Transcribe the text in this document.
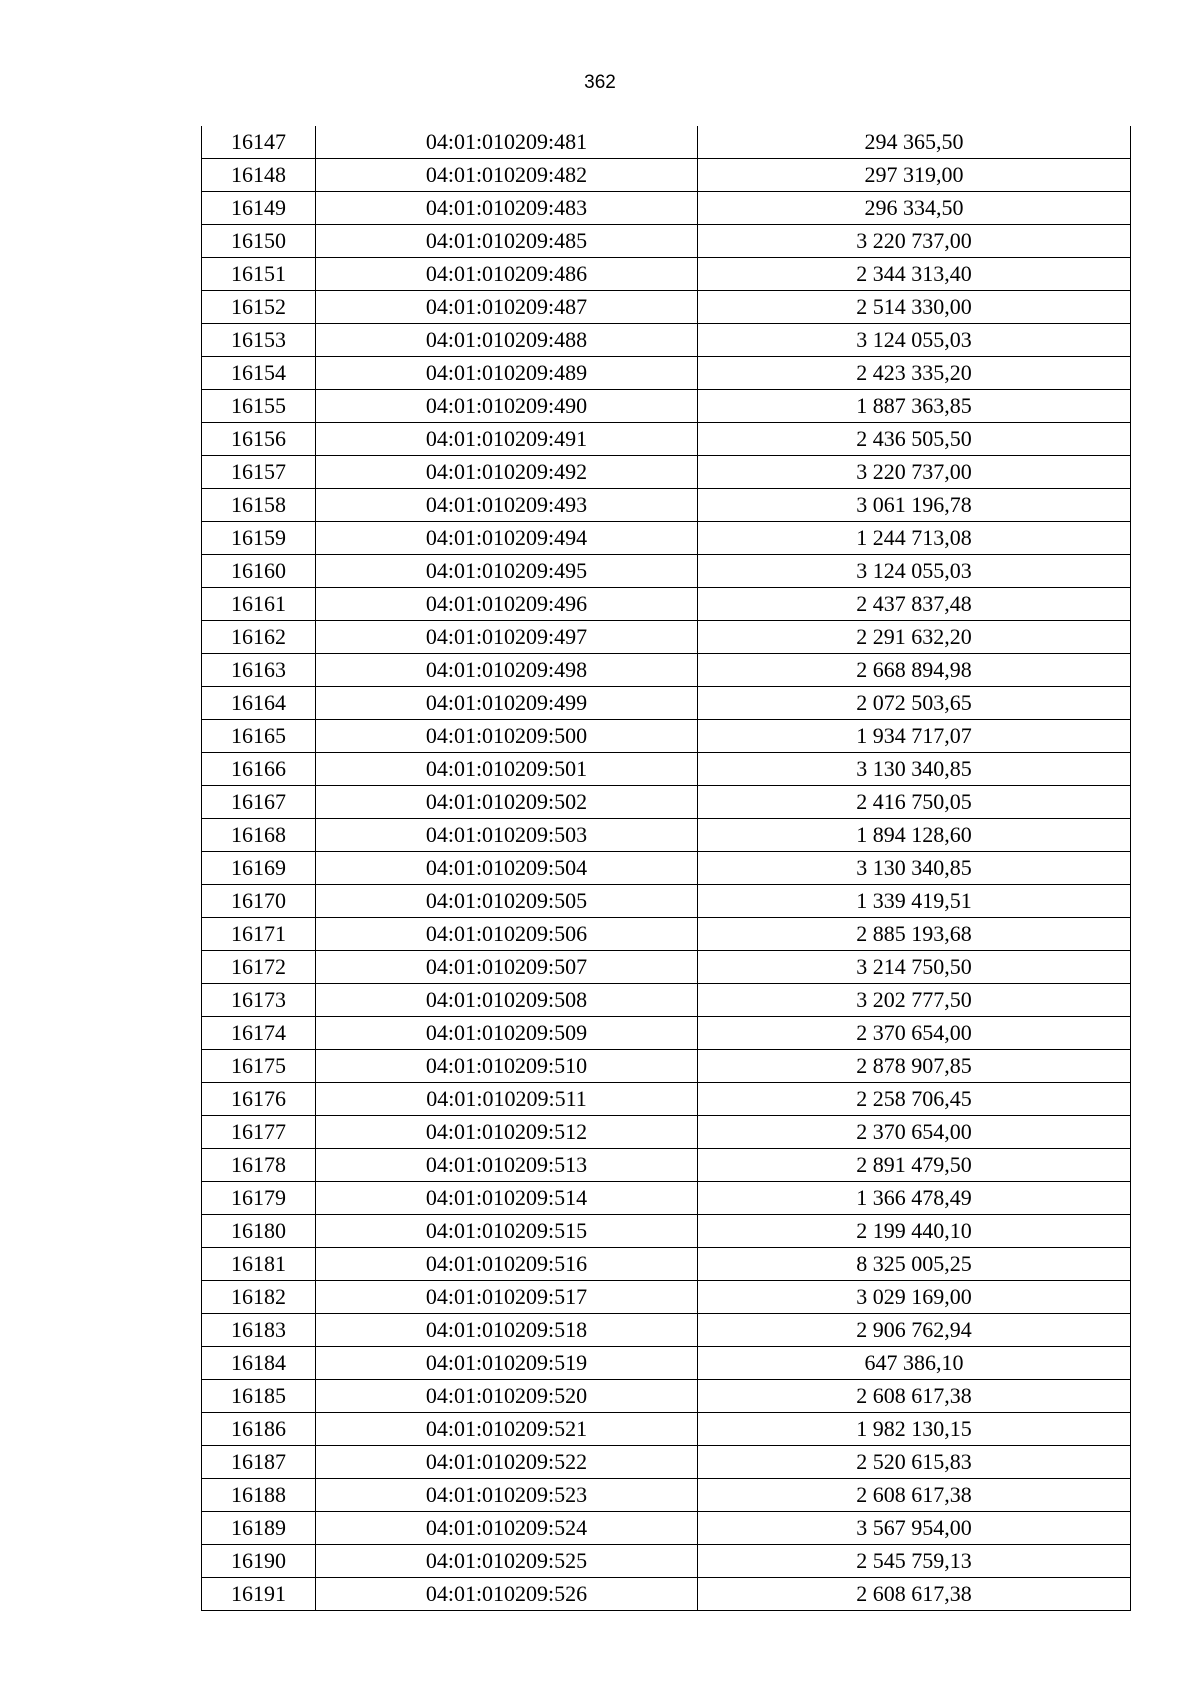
362
16147	04:01:010209:481	294 365,50
16148	04:01:010209:482	297 319,00
16149	04:01:010209:483	296 334,50
16150	04:01:010209:485	3 220 737,00
16151	04:01:010209:486	2 344 313,40
16152	04:01:010209:487	2 514 330,00
16153	04:01:010209:488	3 124 055,03
16154	04:01:010209:489	2 423 335,20
16155	04:01:010209:490	1 887 363,85
16156	04:01:010209:491	2 436 505,50
16157	04:01:010209:492	3 220 737,00
16158	04:01:010209:493	3 061 196,78
16159	04:01:010209:494	1 244 713,08
16160	04:01:010209:495	3 124 055,03
16161	04:01:010209:496	2 437 837,48
16162	04:01:010209:497	2 291 632,20
16163	04:01:010209:498	2 668 894,98
16164	04:01:010209:499	2 072 503,65
16165	04:01:010209:500	1 934 717,07
16166	04:01:010209:501	3 130 340,85
16167	04:01:010209:502	2 416 750,05
16168	04:01:010209:503	1 894 128,60
16169	04:01:010209:504	3 130 340,85
16170	04:01:010209:505	1 339 419,51
16171	04:01:010209:506	2 885 193,68
16172	04:01:010209:507	3 214 750,50
16173	04:01:010209:508	3 202 777,50
16174	04:01:010209:509	2 370 654,00
16175	04:01:010209:510	2 878 907,85
16176	04:01:010209:511	2 258 706,45
16177	04:01:010209:512	2 370 654,00
16178	04:01:010209:513	2 891 479,50
16179	04:01:010209:514	1 366 478,49
16180	04:01:010209:515	2 199 440,10
16181	04:01:010209:516	8 325 005,25
16182	04:01:010209:517	3 029 169,00
16183	04:01:010209:518	2 906 762,94
16184	04:01:010209:519	647 386,10
16185	04:01:010209:520	2 608 617,38
16186	04:01:010209:521	1 982 130,15
16187	04:01:010209:522	2 520 615,83
16188	04:01:010209:523	2 608 617,38
16189	04:01:010209:524	3 567 954,00
16190	04:01:010209:525	2 545 759,13
16191	04:01:010209:526	2 608 617,38
